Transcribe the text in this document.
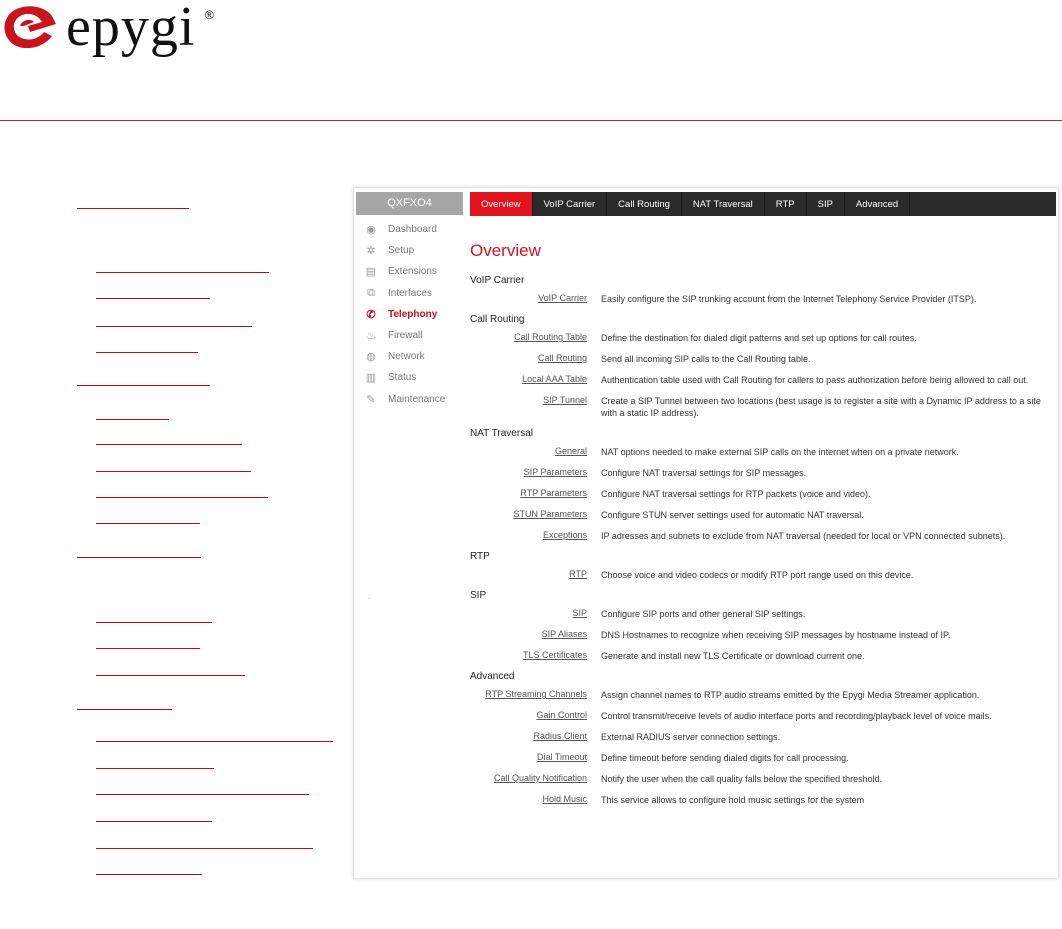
epygi ®
QXFXO4
◉ Dashboard
✲ Setup
▤ Extensions
⧉	Interfaces
✆ Telephony
♨ Firewall
◍ Network
▥ Status
✎ Maintenance
-
Overview	VoIP Carrier	Call Routing	NAT Traversal	RTP	SIP	Advanced
Overview
VoIP Carrier
VoIP Carrier	Easily configure the SIP trunking account from the Internet Telephony Service Provider (ITSP).
Call Routing
Call Routing Table	Define the destination for dialed digit patterns and set up options for call routes.
Call Routing	Send all incoming SIP calls to the Call Routing table.
Local AAA Table	Authentication table used with Call Routing for callers to pass authorization before being allowed to call out.
SIP Tunnel	Create a SIP Tunnel between two locations (best usage is to register a site with a Dynamic IP address to a site with a static IP address).
NAT Traversal
General	NAT options needed to make external SIP calls on the internet when on a private network.
SIP Parameters	Configure NAT traversal settings for SIP messages.
RTP Parameters	Configure NAT traversal settings for RTP packets (voice and video).
STUN Parameters	Configure STUN server settings used for automatic NAT traversal.
Exceptions	IP adresses and subnets to exclude from NAT traversal (needed for local or VPN connected subnets).
RTP
RTP	Choose voice and video codecs or modify RTP port range used on this device.
SIP
SIP	Configure SIP ports and other general SIP settings.
SIP Aliases	DNS Hostnames to recognize when receiving SIP messages by hostname instead of IP.
TLS Certificates	Generate and install new TLS Certificate or download current one.
Advanced
RTP Streaming Channels	Assign channel names to RTP audio streams emitted by the Epygi Media Streamer application.
Gain Control	Control transmit/receive levels of audio interface ports and recording/playback level of voice mails.
Radius Client	External RADIUS server connection settings.
Dial Timeout	Define timeout before sending dialed digits for call processing.
Call Quality Notification	Notify the user when the call quality falls below the specified threshold.
Hold Music	This service allows to configure hold music settings for the system
